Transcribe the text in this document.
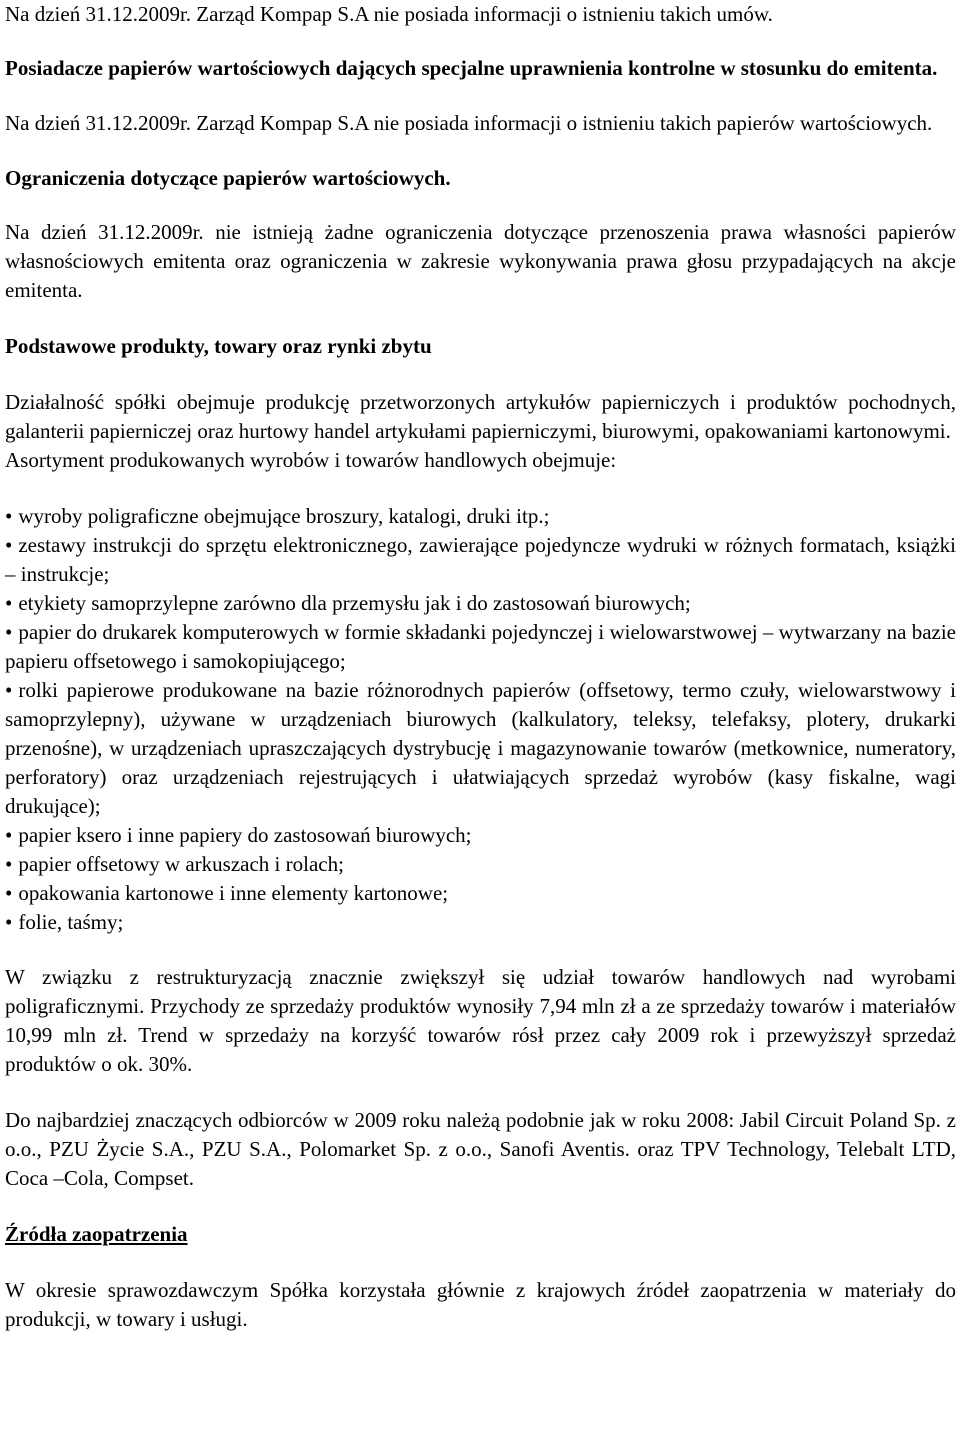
Na dzień 31.12.2009r. Zarząd Kompap S.A nie posiada informacji o istnieniu takich umów.

Posiadacze papierów wartościowych dających specjalne uprawnienia kontrolne w stosunku do emitenta.

Na dzień 31.12.2009r. Zarząd Kompap S.A nie posiada informacji o istnieniu takich papierów wartościowych.

Ograniczenia dotyczące papierów wartościowych.

Na dzień 31.12.2009r. nie istnieją żadne ograniczenia dotyczące przenoszenia prawa własności papierów własnościowych emitenta oraz ograniczenia w zakresie wykonywania prawa głosu przypadających na akcje emitenta.

Podstawowe produkty, towary oraz rynki zbytu

Działalność spółki obejmuje produkcję przetworzonych artykułów papierniczych i produktów pochodnych, galanterii papierniczej oraz hurtowy handel artykułami papierniczymi, biurowymi, opakowaniami kartonowymi.

Asortyment produkowanych wyrobów i towarów handlowych obejmuje:

• wyroby poligraficzne obejmujące broszury, katalogi, druki itp.;

• zestawy instrukcji do sprzętu elektronicznego, zawierające pojedyncze wydruki w różnych formatach, książki – instrukcje;

• etykiety samoprzylepne zarówno dla przemysłu jak i do zastosowań biurowych;

• papier do drukarek komputerowych w formie składanki pojedynczej i wielowarstwowej – wytwarzany na bazie papieru offsetowego i samokopiującego;

• rolki papierowe produkowane na bazie różnorodnych papierów (offsetowy, termo czuły, wielowarstwowy i samoprzylepny), używane w urządzeniach biurowych (kalkulatory, teleksy, telefaksy, plotery, drukarki przenośne), w urządzeniach upraszczających dystrybucję i magazynowanie towarów (metkownice, numeratory, perforatory) oraz urządzeniach rejestrujących i ułatwiających sprzedaż wyrobów (kasy fiskalne, wagi drukujące);

• papier ksero i inne papiery do zastosowań biurowych;

• papier offsetowy w arkuszach i rolach;

• opakowania kartonowe i inne elementy kartonowe;

• folie, taśmy;

W związku z restrukturyzacją znacznie zwiększył się udział towarów handlowych nad wyrobami poligraficznymi. Przychody ze sprzedaży produktów wynosiły 7,94 mln zł a ze sprzedaży towarów i materiałów 10,99 mln zł. Trend w sprzedaży na korzyść towarów rósł przez cały 2009 rok i przewyższył sprzedaż produktów o ok. 30%.

Do najbardziej znaczących odbiorców w 2009 roku należą podobnie jak w roku 2008: Jabil Circuit Poland Sp. z o.o., PZU Życie S.A., PZU S.A., Polomarket Sp. z o.o., Sanofi Aventis. oraz TPV Technology, Telebalt LTD, Coca –Cola, Compset.

Źródła zaopatrzenia

W okresie sprawozdawczym Spółka korzystała głównie z krajowych źródeł zaopatrzenia w materiały do produkcji, w towary i usługi.
